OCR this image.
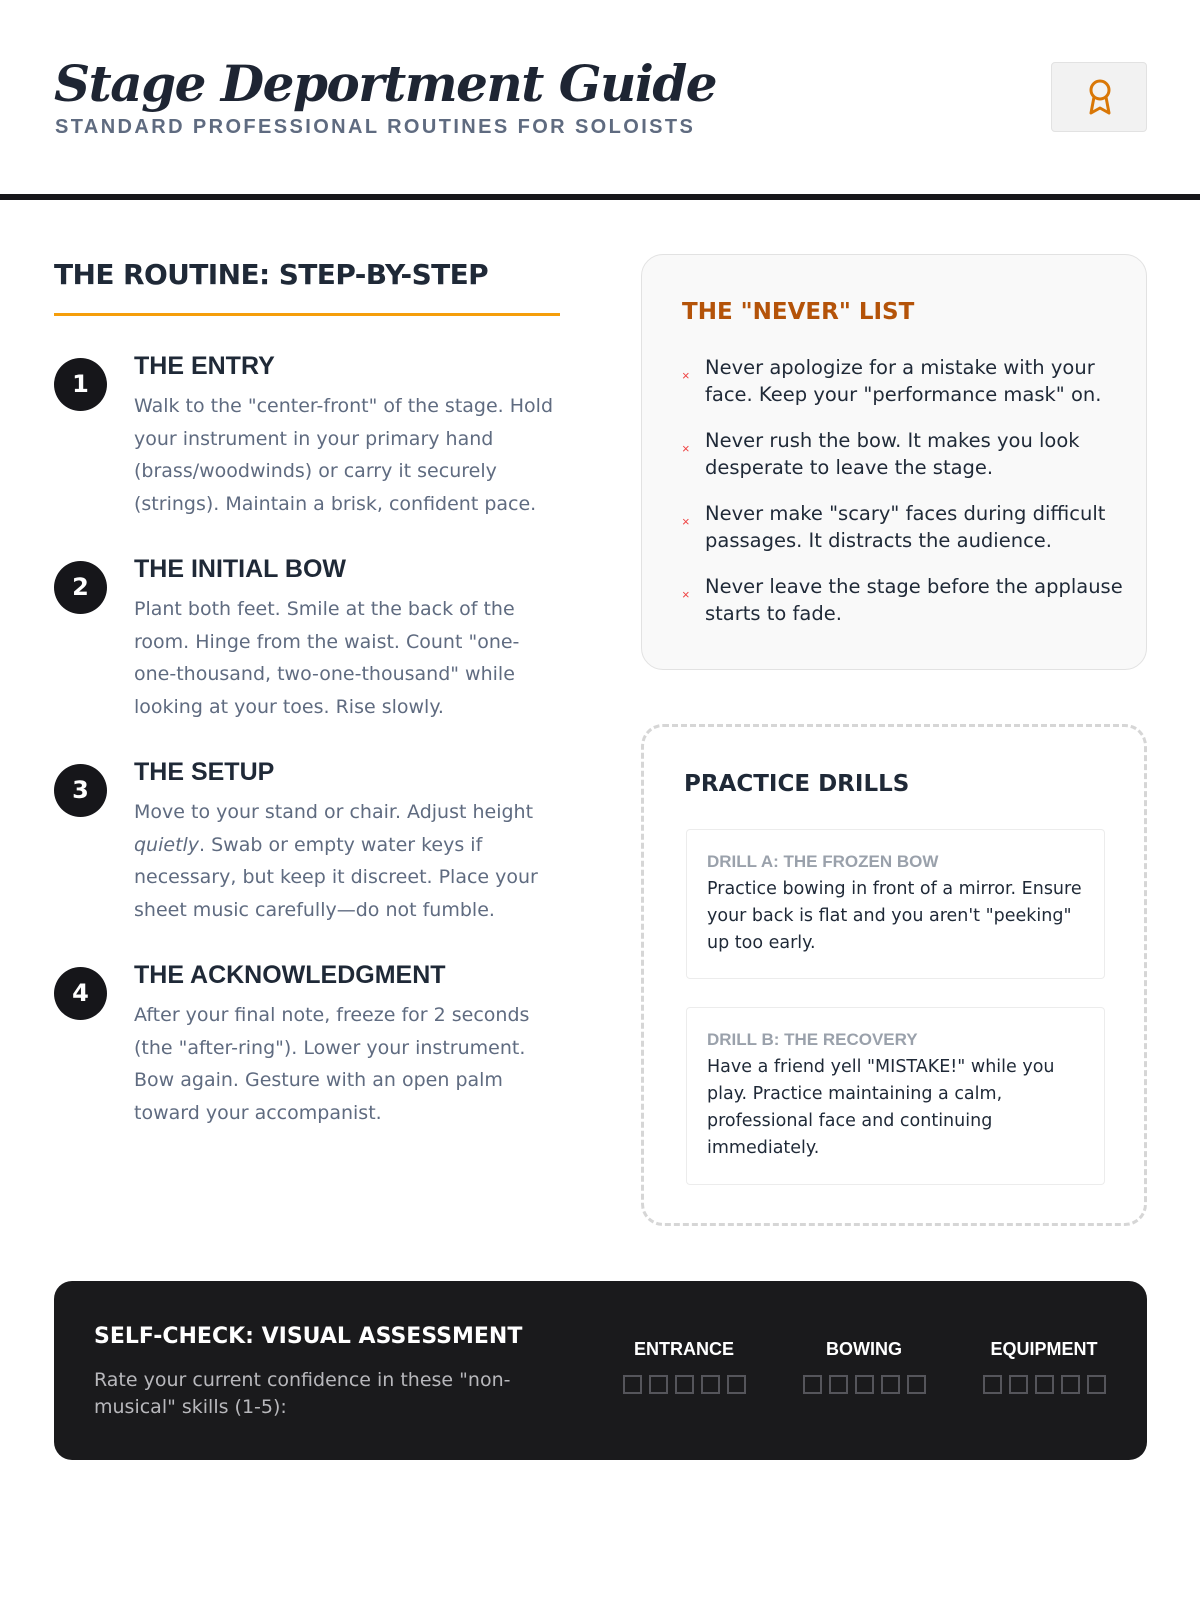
Stage Deportment Guide

STANDARD PROFESSIONAL ROUTINES FOR SOLOISTS

THE ROUTINE: STEP-BY-STEP
1
THE ENTRY

Walk to the "center-front" of the stage. Hold your instrument in your primary hand (brass/woodwinds) or carry it securely (strings). Maintain a brisk, confident pace.

2
THE INITIAL BOW

Plant both feet. Smile at the back of the room. Hinge from the waist. Count "one-one-thousand, two-one-thousand" while looking at your toes. Rise slowly.

3
THE SETUP

Move to your stand or chair. Adjust height quietly. Swab or empty water keys if necessary, but keep it discreet. Place your sheet music carefully—do not fumble.

4
THE ACKNOWLEDGMENT

After your final note, freeze for 2 seconds (the "after-ring"). Lower your instrument. Bow again. Gesture with an open palm toward your accompanist.

THE "NEVER" LIST
× Never apologize for a mistake with your face. Keep your "performance mask" on.

× Never rush the bow. It makes you look desperate to leave the stage.

× Never make "scary" faces during difficult passages. It distracts the audience.

× Never leave the stage before the applause starts to fade.

PRACTICE DRILLS

DRILL A: THE FROZEN BOW

Practice bowing in front of a mirror. Ensure your back is flat and you aren't "peeking" up too early.

DRILL B: THE RECOVERY

Have a friend yell "MISTAKE!" while you play. Practice maintaining a calm, professional face and continuing immediately.

SELF-CHECK: VISUAL ASSESSMENT

Rate your current confidence in these "non-musical" skills (1-5):

ENTRANCE	BOWING	EQUIPMENT
